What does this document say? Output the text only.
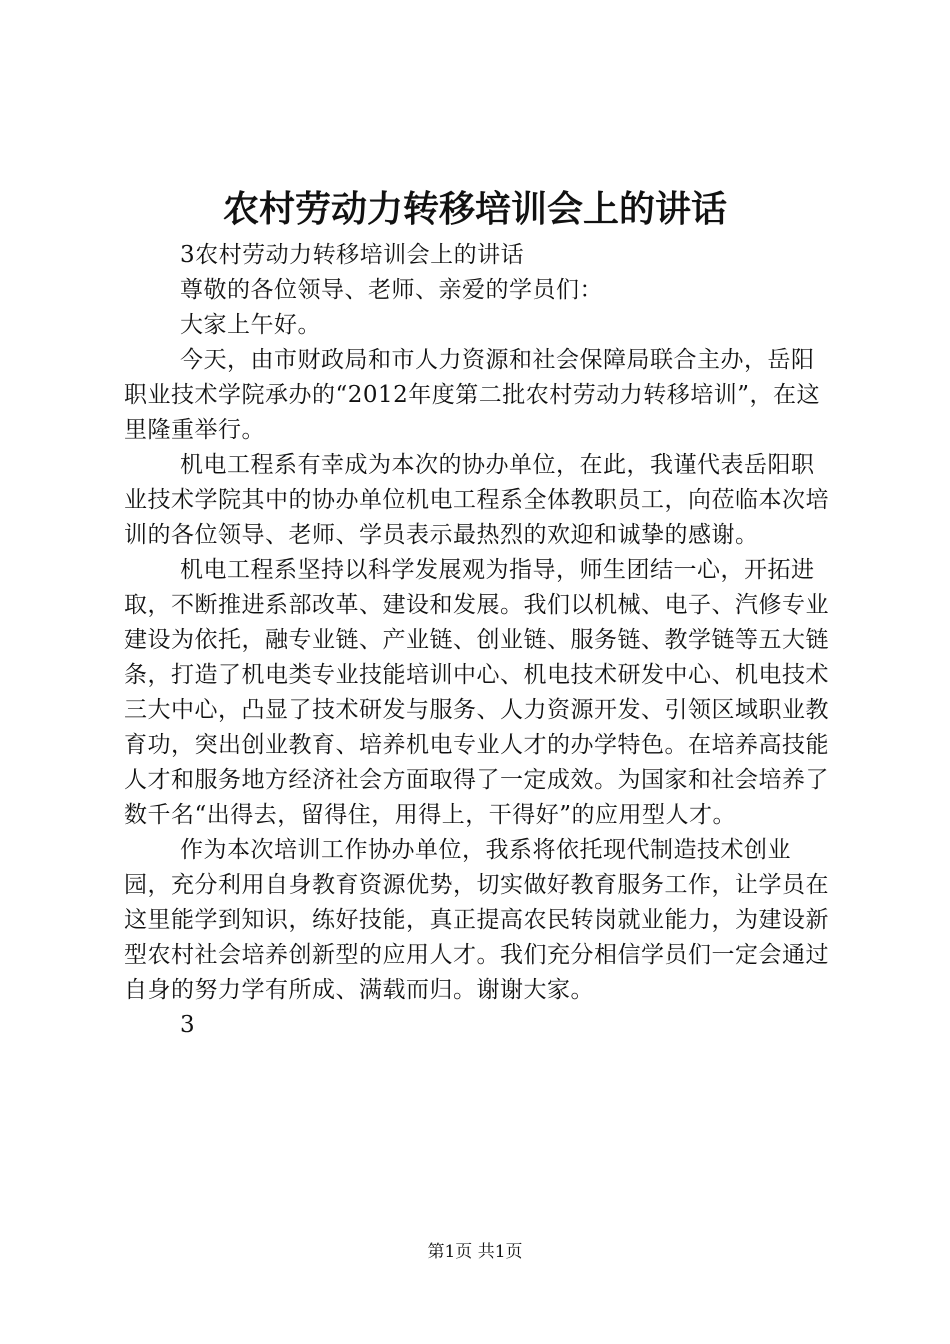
农村劳动力转移培训会上的讲话

3农村劳动力转移培训会上的讲话

尊敬的各位领导、老师、亲爱的学员们：

大家上午好。

今天，由市财政局和市人力资源和社会保障局联合主办，岳阳职业技术学院承办的“2012年度第二批农村劳动力转移培训”，在这里隆重举行。

机电工程系有幸成为本次的协办单位，在此，我谨代表岳阳职业技术学院其中的协办单位机电工程系全体教职员工，向莅临本次培训的各位领导、老师、学员表示最热烈的欢迎和诚挚的感谢。

机电工程系坚持以科学发展观为指导，师生团结一心，开拓进取，不断推进系部改革、建设和发展。我们以机械、电子、汽修专业建设为依托，融专业链、产业链、创业链、服务链、教学链等五大链条，打造了机电类专业技能培训中心、机电技术研发中心、机电技术三大中心，凸显了技术研发与服务、人力资源开发、引领区域职业教育功，突出创业教育、培养机电专业人才的办学特色。在培养高技能人才和服务地方经济社会方面取得了一定成效。为国家和社会培养了数千名“出得去，留得住，用得上，干得好”的应用型人才。

作为本次培训工作协办单位，我系将依托现代制造技术创业园，充分利用自身教育资源优势，切实做好教育服务工作，让学员在这里能学到知识，练好技能，真正提高农民转岗就业能力，为建设新型农村社会培养创新型的应用人才。我们充分相信学员们一定会通过自身的努力学有所成、满载而归。谢谢大家。

3

第1页 共1页
